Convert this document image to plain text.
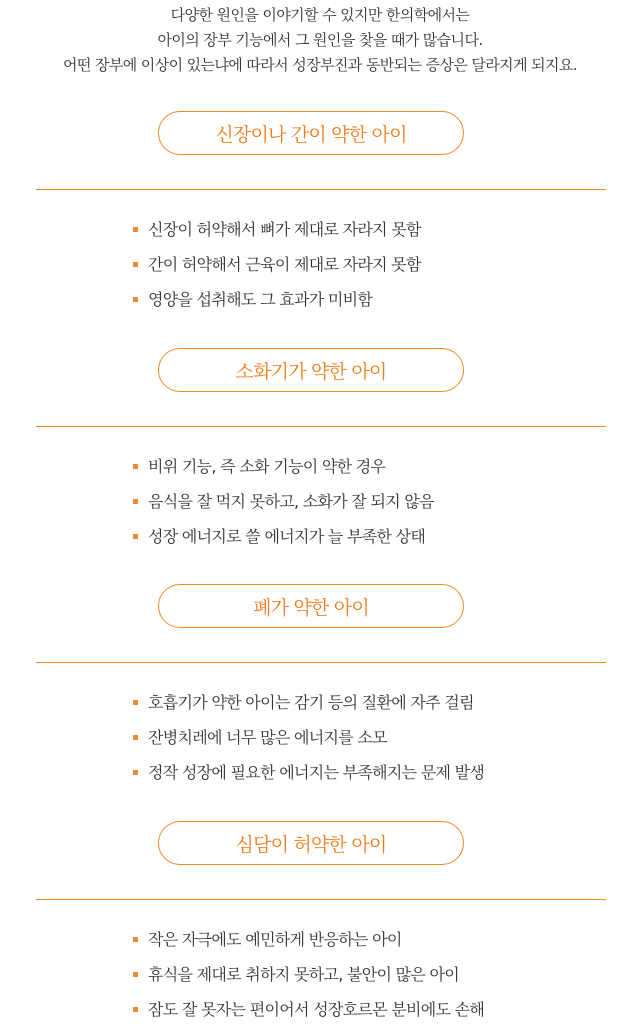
다양한 원인을 이야기할 수 있지만 한의학에서는

아이의 장부 기능에서 그 원인을 찾을 때가 많습니다.

어떤 장부에 이상이 있는냐에 따라서 성장부진과 동반되는 증상은 달라지게 되지요.

신장이나 간이 약한 아이
신장이 허약해서 뼈가 제대로 자라지 못함
간이 허약해서 근육이 제대로 자라지 못함
영양을 섭취해도 그 효과가 미비함
소화기가 약한 아이
비위 기능, 즉 소화 기능이 약한 경우
음식을 잘 먹지 못하고, 소화가 잘 되지 않음
성장 에너지로 쓸 에너지가 늘 부족한 상태
폐가 약한 아이
호흡기가 약한 아이는 감기 등의 질환에 자주 걸림
잔병치레에 너무 많은 에너지를 소모
정작 성장에 필요한 에너지는 부족해지는 문제 발생
심담이 허약한 아이
작은 자극에도 예민하게 반응하는 아이
휴식을 제대로 취하지 못하고, 불안이 많은 아이
잠도 잘 못자는 편이어서 성장호르몬 분비에도 손해
